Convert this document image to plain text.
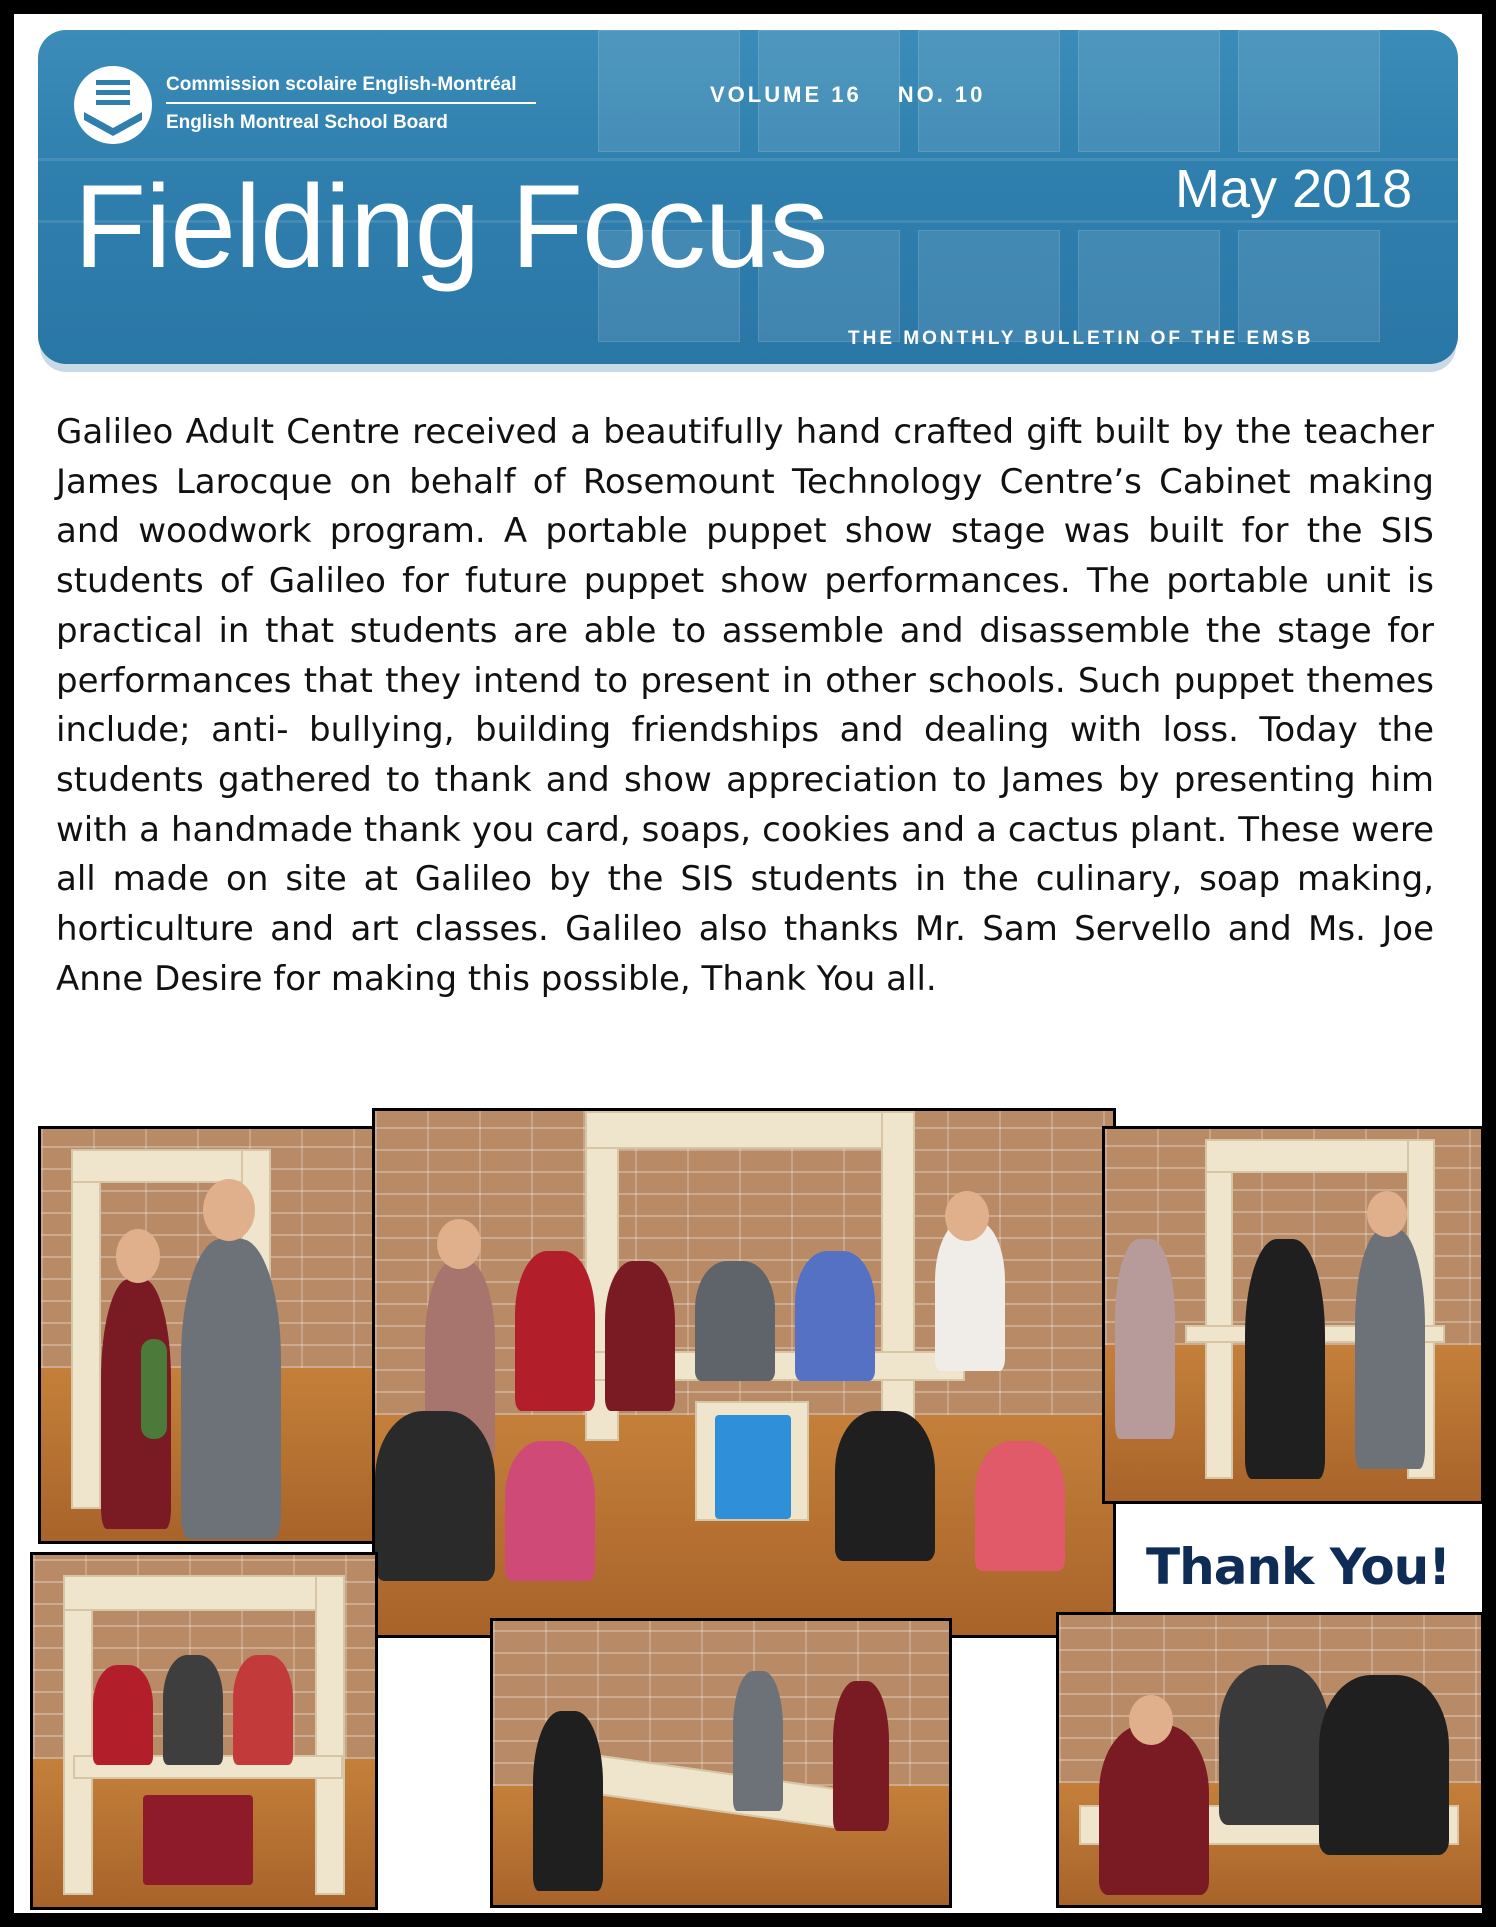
Commission scolaire English-Montréal
English Montreal School Board
VOLUME 16 NO. 10
Fielding Focus	May 2018
THE MONTHLY BULLETIN OF THE EMSB

Galileo Adult Centre received a beautifully hand crafted gift built by the teacher James Larocque on behalf of Rosemount Technology Centre’s Cabinet making and woodwork program. A portable puppet show stage was built for the SIS students of Galileo for future puppet show performances. The portable unit is practical in that students are able to assemble and disassemble the stage for performances that they intend to present in other schools. Such puppet themes include; anti- bullying, building friendships and dealing with loss. Today the students gathered to thank and show appreciation to James by presenting him with a handmade thank you card, soaps, cookies and a cactus plant. These were all made on site at Galileo by the SIS students in the culinary, soap making, horticulture and art classes. Galileo also thanks Mr. Sam Servello and Ms. Joe Anne Desire for making this possible, Thank You all.

Thank You!
